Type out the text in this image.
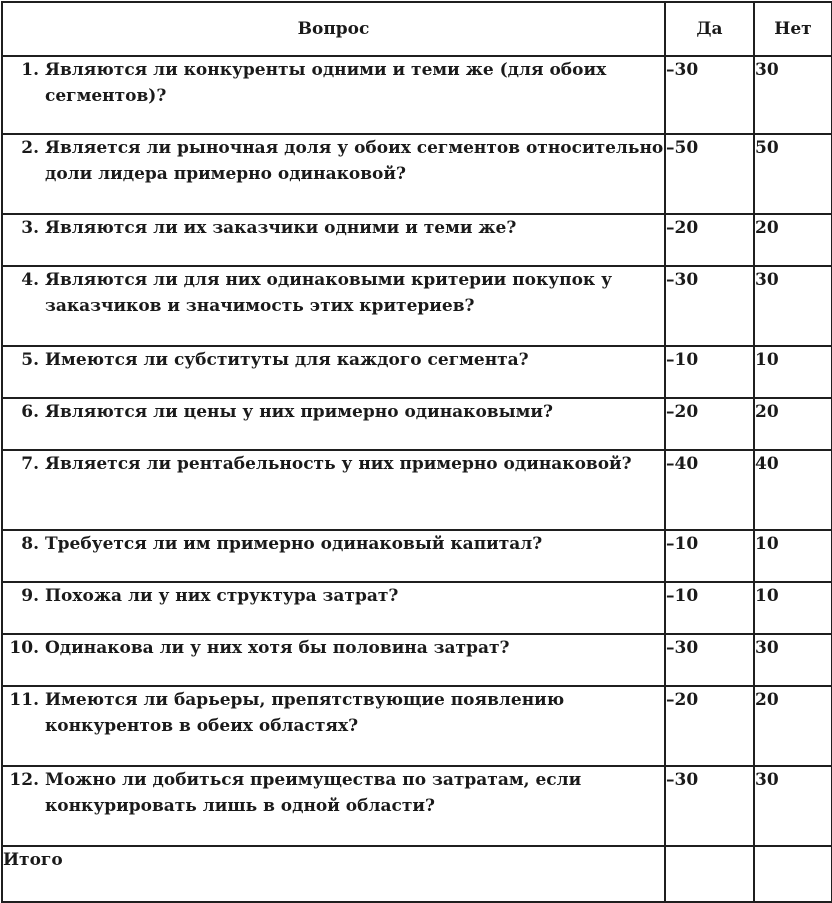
Вопрос	Да	Нет

1. Являются ли конкуренты одними и теми же (для обоих сегментов)?	–30	30

2. Является ли рыночная доля у обоих сегментов относительно доли лидера примерно одинаковой?	–50	50

3. Являются ли их заказчики одними и теми же?	–20	20

4. Являются ли для них одинаковыми критерии покупок у заказчиков и значимость этих критериев?	–30	30

5. Имеются ли субституты для каждого сегмента?	–10	10

6. Являются ли цены у них примерно одинаковыми?	–20	20

7. Является ли рентабельность у них примерно одинаковой?	–40	40

8. Требуется ли им примерно одинаковый капитал?	–10	10

9. Похожа ли у них структура затрат?	–10	10

10. Одинакова ли у них хотя бы половина затрат?	–30	30

11. Имеются ли барьеры, препятствующие появлению конкурентов в обеих областях?	–20	20

12. Можно ли добиться преимущества по затратам, если конкурировать лишь в одной области?	–30	30
Итого		
